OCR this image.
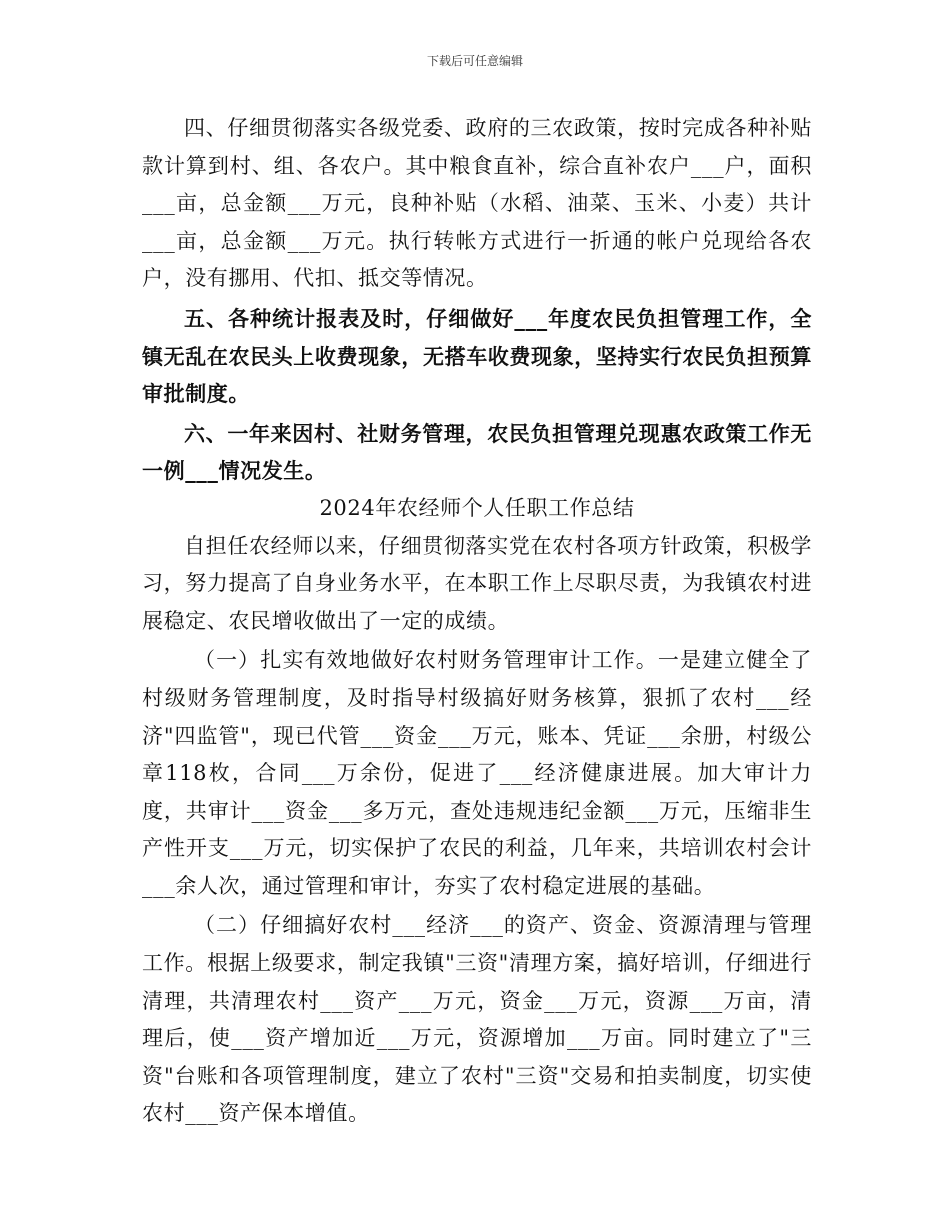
下载后可任意编辑

四、仔细贯彻落实各级党委、政府的三农政策，按时完成各种补贴款计算到村、组、各农户。其中粮食直补，综合直补农户___户，面积___亩，总金额___万元，良种补贴（水稻、油菜、玉米、小麦）共计___亩，总金额___万元。执行转帐方式进行一折通的帐户兑现给各农户，没有挪用、代扣、抵交等情况。

五、各种统计报表及时，仔细做好___年度农民负担管理工作，全镇无乱在农民头上收费现象，无搭车收费现象，坚持实行农民负担预算审批制度。

六、一年来因村、社财务管理，农民负担管理兑现惠农政策工作无一例___情况发生。

2024年农经师个人任职工作总结

自担任农经师以来，仔细贯彻落实党在农村各项方针政策，积极学习，努力提高了自身业务水平，在本职工作上尽职尽责，为我镇农村进展稳定、农民增收做出了一定的成绩。

（一）扎实有效地做好农村财务管理审计工作。一是建立健全了村级财务管理制度，及时指导村级搞好财务核算，狠抓了农村___经济"四监管"，现已代管___资金___万元，账本、凭证___余册，村级公章118枚，合同___万余份，促进了___经济健康进展。加大审计力度，共审计___资金___多万元，查处违规违纪金额___万元，压缩非生产性开支___万元，切实保护了农民的利益，几年来，共培训农村会计___余人次，通过管理和审计，夯实了农村稳定进展的基础。

（二）仔细搞好农村___经济___的资产、资金、资源清理与管理工作。根据上级要求，制定我镇"三资"清理方案，搞好培训，仔细进行清理，共清理农村___资产___万元，资金___万元，资源___万亩，清理后，使___资产增加近___万元，资源增加___万亩。同时建立了"三资"台账和各项管理制度，建立了农村"三资"交易和拍卖制度，切实使农村___资产保本增值。
